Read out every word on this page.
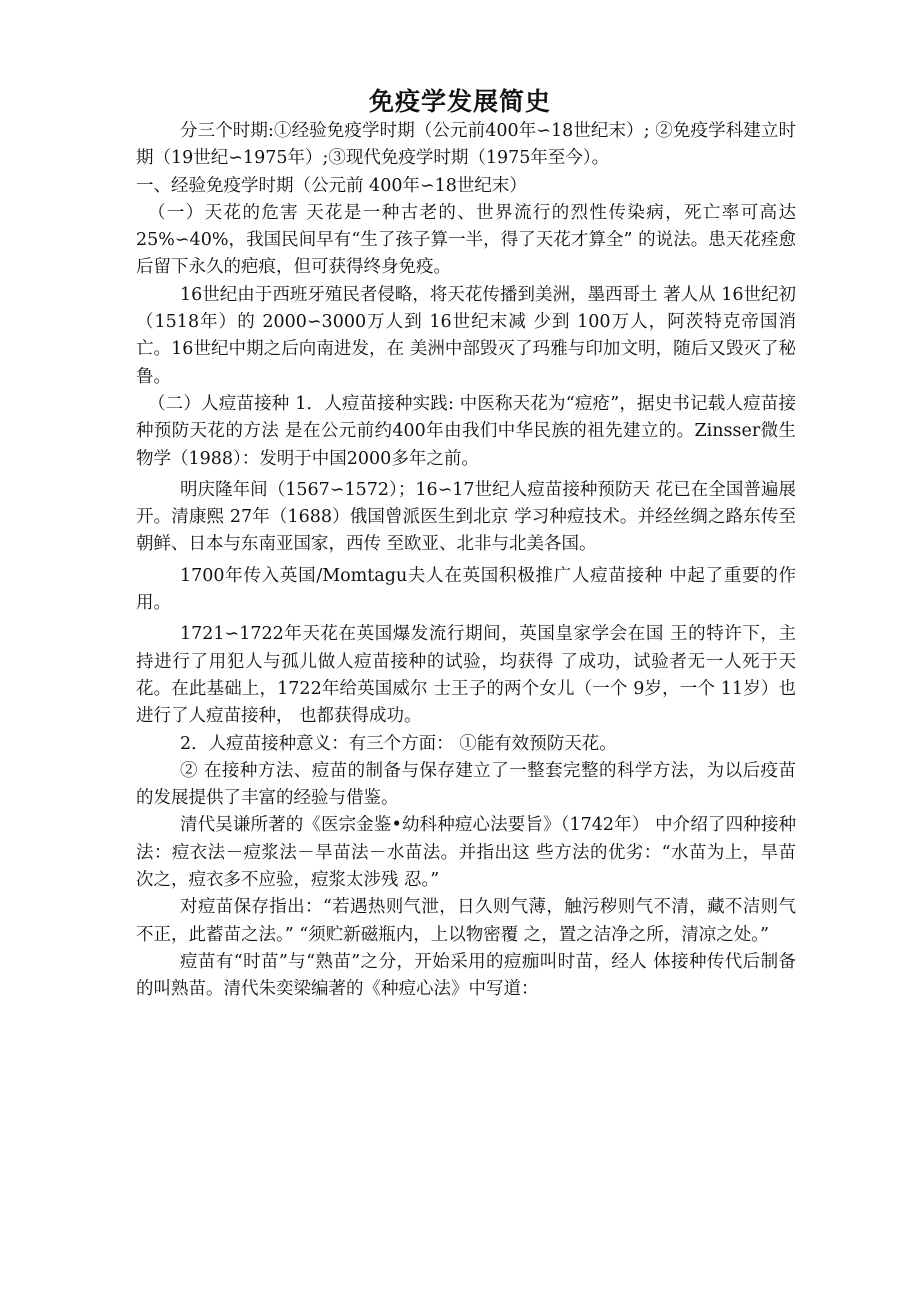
免疫学发展简史

分三个时期:①经验免疫学时期（公元前400年∽18世纪末）; ②免疫学科建立时期（19世纪∽1975年）;③现代免疫学时期（1975年至今）。

一、经验免疫学时期（公元前 400年∽18世纪末）

（一）天花的危害 天花是一种古老的、世界流行的烈性传染病，死亡率可高达 25%∽40%，我国民间早有“生了孩子算一半，得了天花才算全” 的说法。患天花痊愈后留下永久的疤痕，但可获得终身免疫。

16世纪由于西班牙殖民者侵略，将天花传播到美洲，墨西哥土 著人从 16世纪初（1518年）的 2000∽3000万人到 16世纪末减 少到 100万人，阿茨特克帝国消亡。16世纪中期之后向南进发，在 美洲中部毁灭了玛雅与印加文明，随后又毁灭了秘鲁。

（二）人痘苗接种 1．人痘苗接种实践: 中医称天花为“痘疮”，据史书记载人痘苗接种预防天花的方法 是在公元前约400年由我们中华民族的祖先建立的。Zinsser微生 物学（1988）：发明于中国2000多年之前。

明庆隆年间（1567∽1572）；16∽17世纪人痘苗接种预防天 花已在全国普遍展开。清康熙 27年（1688）俄国曾派医生到北京 学习种痘技术。并经丝绸之路东传至朝鲜、日本与东南亚国家，西传 至欧亚、北非与北美各国。

1700年传入英国/Momtagu夫人在英国积极推广人痘苗接种 中起了重要的作用。

1721∽1722年天花在英国爆发流行期间，英国皇家学会在国 王的特许下，主持进行了用犯人与孤儿做人痘苗接种的试验，均获得 了成功，试验者无一人死于天花。在此基础上，1722年给英国威尔 士王子的两个女儿（一个 9岁，一个 11岁）也进行了人痘苗接种， 也都获得成功。

2．人痘苗接种意义：有三个方面： ①能有效预防天花。

② 在接种方法、痘苗的制备与保存建立了一整套完整的科学方法，为以后疫苗的发展提供了丰富的经验与借鉴。

清代吴谦所著的《医宗金鉴•幼科种痘心法要旨》（1742年） 中介绍了四种接种法：痘衣法－痘浆法－旱苗法－水苗法。并指出这 些方法的优劣：“水苗为上，旱苗次之，痘衣多不应验，痘浆太涉残 忍。”

对痘苗保存指出：“若遇热则气泄，日久则气薄，触污秽则气不清，藏不洁则气不正，此蓄苗之法。” “须贮新磁瓶内，上以物密覆 之，置之洁净之所，清凉之处。”

痘苗有“时苗”与“熟苗”之分，开始采用的痘痂叫时苗，经人 体接种传代后制备的叫熟苗。清代朱奕梁编著的《种痘心法》中写道：
